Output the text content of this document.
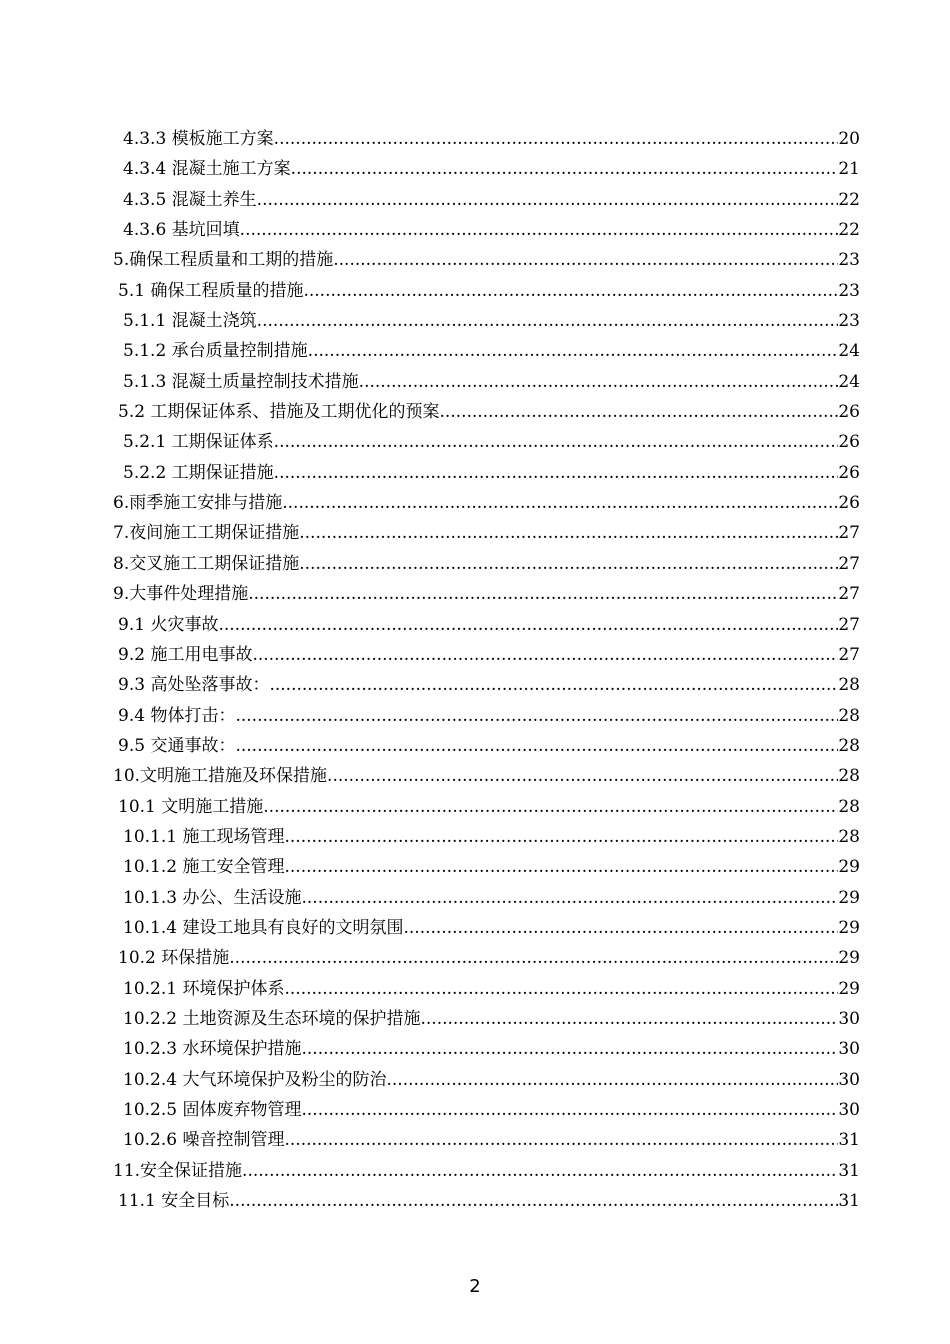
4.3.3 模板施工方案 .....	20
4.3.4 混凝土施工方案 .....	21
4.3.5 混凝土养生 .....	22
4.3.6 基坑回填 .....	22
5.确保工程质量和工期的措施 .....	23
5.1 确保工程质量的措施 .....	23
5.1.1 混凝土浇筑 .....	23
5.1.2 承台质量控制措施 .....	24
5.1.3 混凝土质量控制技术措施 .....	24
5.2 工期保证体系、措施及工期优化的预案 .....	26
5.2.1 工期保证体系 .....	26
5.2.2 工期保证措施 .....	26
6.雨季施工安排与措施 .....	26
7.夜间施工工期保证措施 .....	27
8.交叉施工工期保证措施 .....	27
9.大事件处理措施 .....	27
9.1 火灾事故 .....	27
9.2 施工用电事故 .....	27
9.3 高处坠落事故： .....	28
9.4 物体打击： .....	28
9.5 交通事故： .....	28
10.文明施工措施及环保措施 .....	28
10.1 文明施工措施 .....	28
10.1.1 施工现场管理 .....	28
10.1.2 施工安全管理 .....	29
10.1.3 办公、生活设施 .....	29
10.1.4 建设工地具有良好的文明氛围 .....	29
10.2 环保措施 .....	29
10.2.1 环境保护体系 .....	29
10.2.2 土地资源及生态环境的保护措施 .....	30
10.2.3 水环境保护措施 .....	30
10.2.4 大气环境保护及粉尘的防治 .....	30
10.2.5 固体废弃物管理 .....	30
10.2.6 噪音控制管理 .....	31
11.安全保证措施 .....	31
11.1 安全目标 .....	31
2
